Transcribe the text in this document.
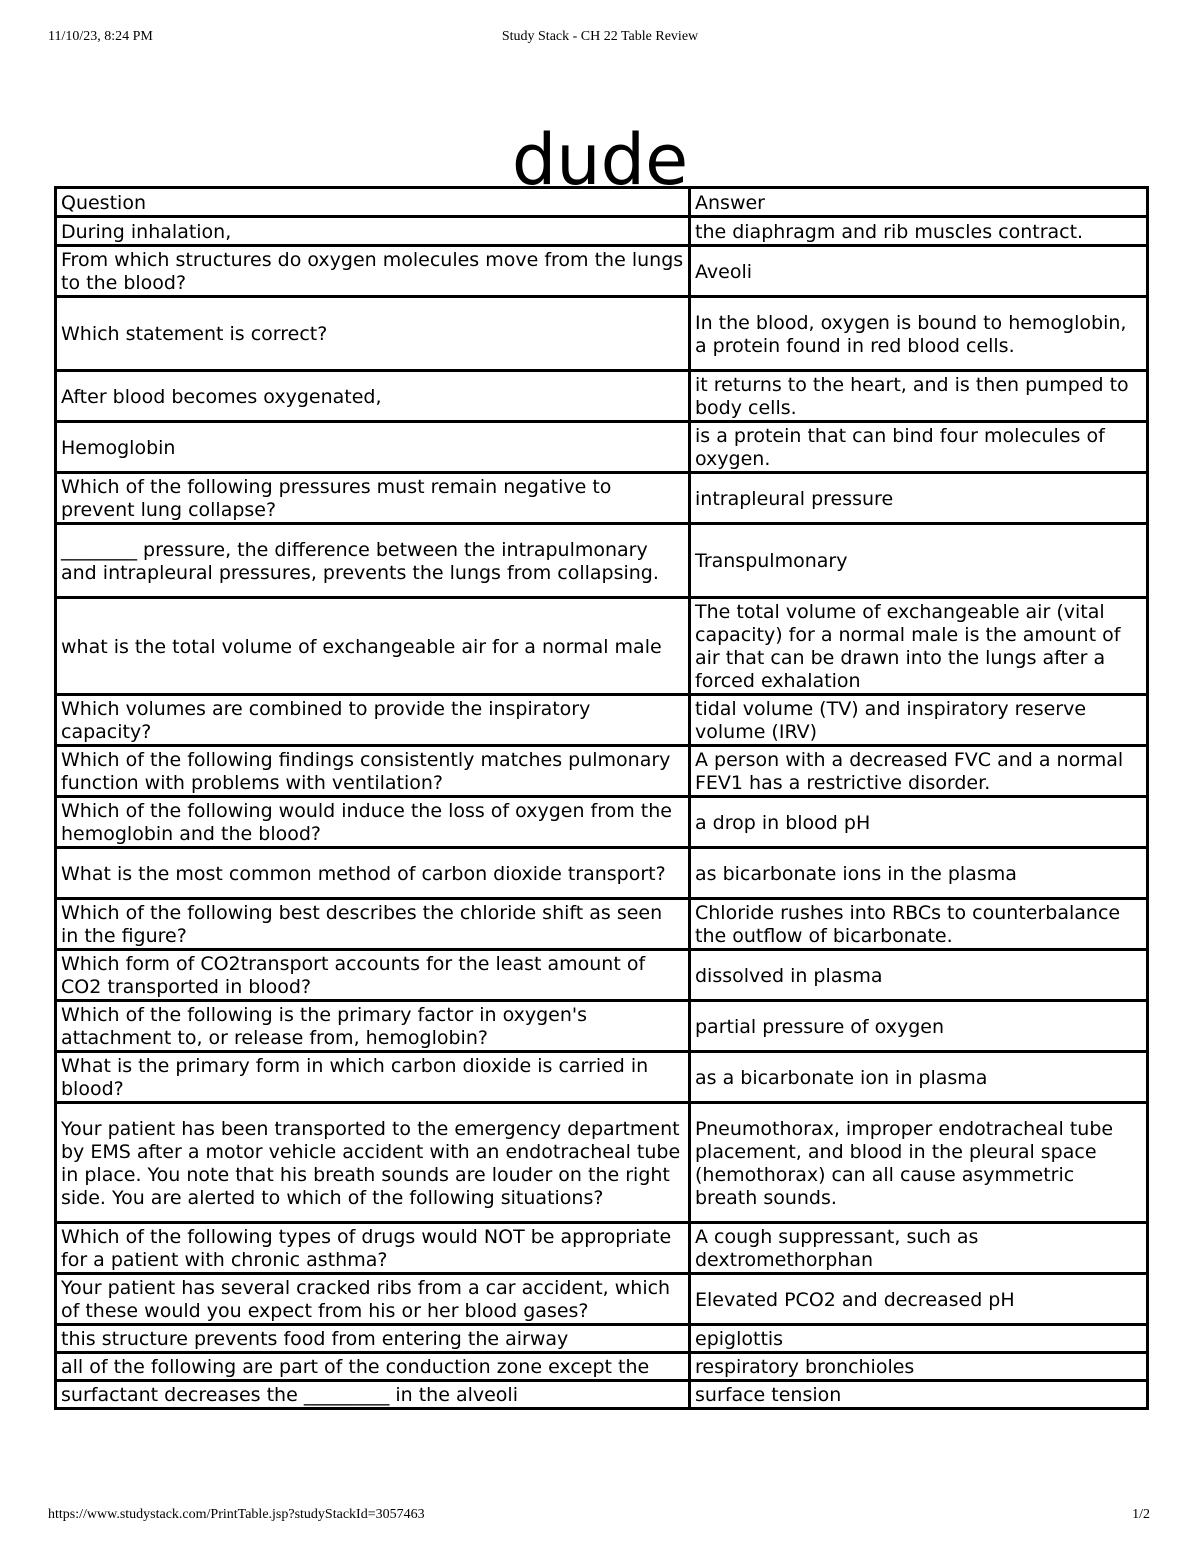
11/10/23, 8:24 PM	Study Stack - CH 22 Table Review
dude
Question	Answer
During inhalation,	the diaphragm and rib muscles contract.
From which structures do oxygen molecules move from the lungs to the blood?	Aveoli
Which statement is correct?	In the blood, oxygen is bound to hemoglobin, a protein found in red blood cells.
After blood becomes oxygenated,	it returns to the heart, and is then pumped to body cells.
Hemoglobin	is a protein that can bind four molecules of oxygen.
Which of the following pressures must remain negative to prevent lung collapse?	intrapleural pressure
________ pressure, the difference between the intrapulmonary and intrapleural pressures, prevents the lungs from collapsing.	Transpulmonary
what is the total volume of exchangeable air for a normal male	The total volume of exchangeable air (vital capacity) for a normal male is the amount of air that can be drawn into the lungs after a forced exhalation
Which volumes are combined to provide the inspiratory capacity?	tidal volume (TV) and inspiratory reserve volume (IRV)
Which of the following findings consistently matches pulmonary function with problems with ventilation?	A person with a decreased FVC and a normal FEV1 has a restrictive disorder.
Which of the following would induce the loss of oxygen from the hemoglobin and the blood?	a drop in blood pH
What is the most common method of carbon dioxide transport?	as bicarbonate ions in the plasma
Which of the following best describes the chloride shift as seen in the figure?	Chloride rushes into RBCs to counterbalance the outflow of bicarbonate.
Which form of CO2transport accounts for the least amount of CO2 transported in blood?	dissolved in plasma
Which of the following is the primary factor in oxygen's attachment to, or release from, hemoglobin?	partial pressure of oxygen
What is the primary form in which carbon dioxide is carried in blood?	as a bicarbonate ion in plasma
Your patient has been transported to the emergency department by EMS after a motor vehicle accident with an endotracheal tube in place. You note that his breath sounds are louder on the right side. You are alerted to which of the following situations?	Pneumothorax, improper endotracheal tube placement, and blood in the pleural space (hemothorax) can all cause asymmetric breath sounds.
Which of the following types of drugs would NOT be appropriate for a patient with chronic asthma?	A cough suppressant, such as dextromethorphan
Your patient has several cracked ribs from a car accident, which of these would you expect from his or her blood gases?	Elevated PCO2 and decreased pH
this structure prevents food from entering the airway	epiglottis
all of the following are part of the conduction zone except the	respiratory bronchioles
surfactant decreases the _________ in the alveoli	surface tension
https://www.studystack.com/PrintTable.jsp?studyStackId=3057463	1/2
